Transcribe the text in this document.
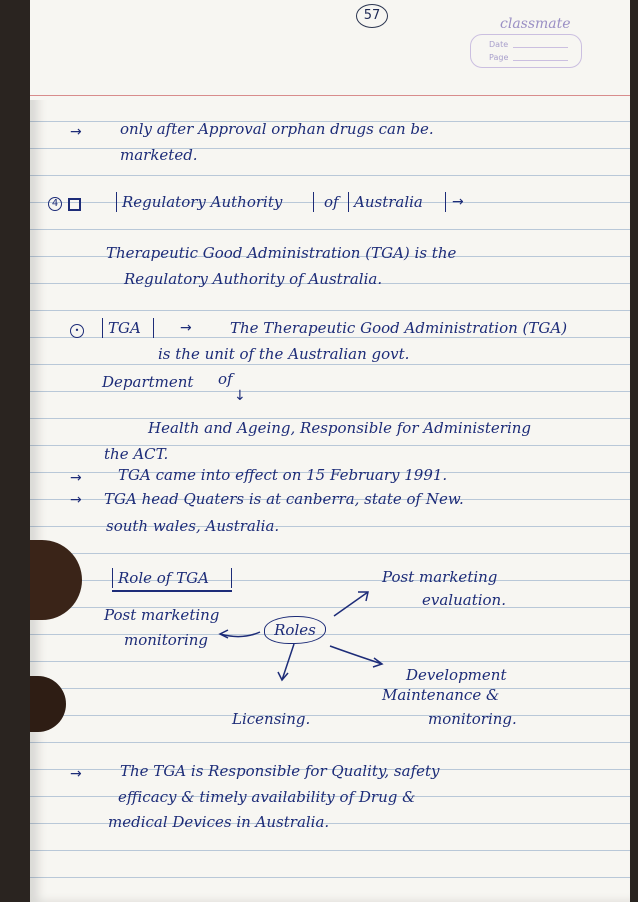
57
classmate
Date
Page
→	only after Approval orphan drugs can be.
marketed.
4	Regulatory Authority	of Australia →
Therapeutic Good Administration (TGA) is the
Regulatory Authority of Australia.
•	TGA	→	The Therapeutic Good Administration (TGA)
is the unit of the Australian govt.
Department of
↓
Health and Ageing, Responsible for Administering
the ACT.
→ TGA came into effect on 15 February 1991.
→ TGA head Quaters is at canberra, state of New.
south wales, Australia.
Role of TGA	Post marketing
evaluation.
Post marketing
monitoring
Roles
Development
Maintenance &
monitoring.
Licensing.
→	The TGA is Responsible for Quality, safety
efficacy & timely availability of Drug &
medical Devices in Australia.
